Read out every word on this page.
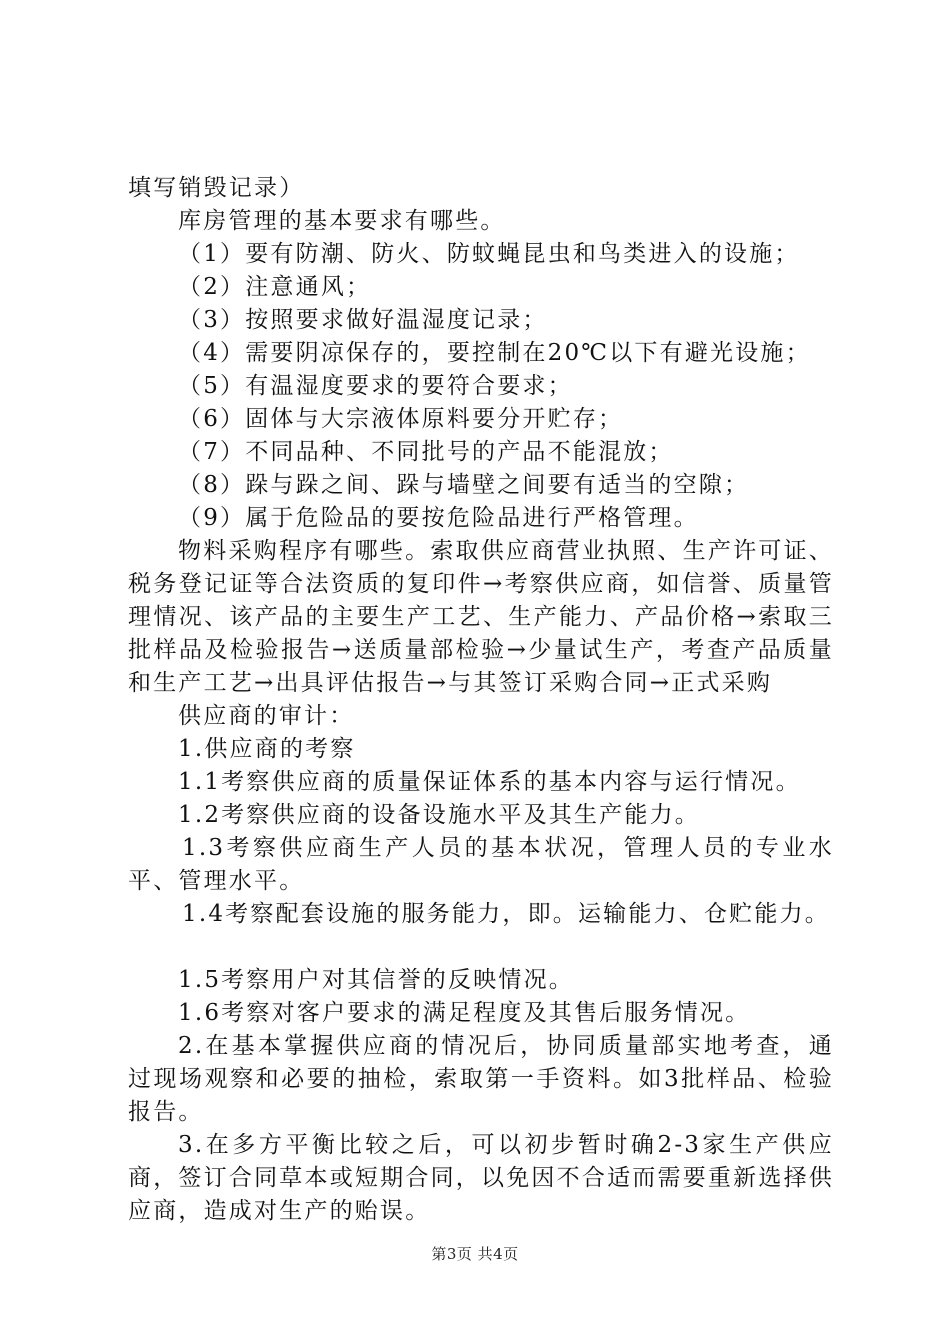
填写销毁记录）

库房管理的基本要求有哪些。

（1）要有防潮、防火、防蚊蝇昆虫和鸟类进入的设施；

（2）注意通风；

（3）按照要求做好温湿度记录；

（4）需要阴凉保存的，要控制在20℃以下有避光设施；

（5）有温湿度要求的要符合要求；

（6）固体与大宗液体原料要分开贮存；

（7）不同品种、不同批号的产品不能混放；

（8）跺与跺之间、跺与墙壁之间要有适当的空隙；

（9）属于危险品的要按危险品进行严格管理。

物料采购程序有哪些。索取供应商营业执照、生产许可证、税务登记证等合法资质的复印件→考察供应商，如信誉、质量管理情况、该产品的主要生产工艺、生产能力、产品价格→索取三批样品及检验报告→送质量部检验→少量试生产，考查产品质量和生产工艺→出具评估报告→与其签订采购合同→正式采购

供应商的审计：

1.供应商的考察

1.1考察供应商的质量保证体系的基本内容与运行情况。

1.2考察供应商的设备设施水平及其生产能力。

1.3考察供应商生产人员的基本状况，管理人员的专业水平、管理水平。

1.4考察配套设施的服务能力，即。运输能力、仓贮能力。

1.5考察用户对其信誉的反映情况。

1.6考察对客户要求的满足程度及其售后服务情况。

2.在基本掌握供应商的情况后，协同质量部实地考查，通过现场观察和必要的抽检，索取第一手资料。如3批样品、检验报告。

3.在多方平衡比较之后，可以初步暂时确2-3家生产供应商，签订合同草本或短期合同，以免因不合适而需要重新选择供应商，造成对生产的贻误。

第3页 共4页
